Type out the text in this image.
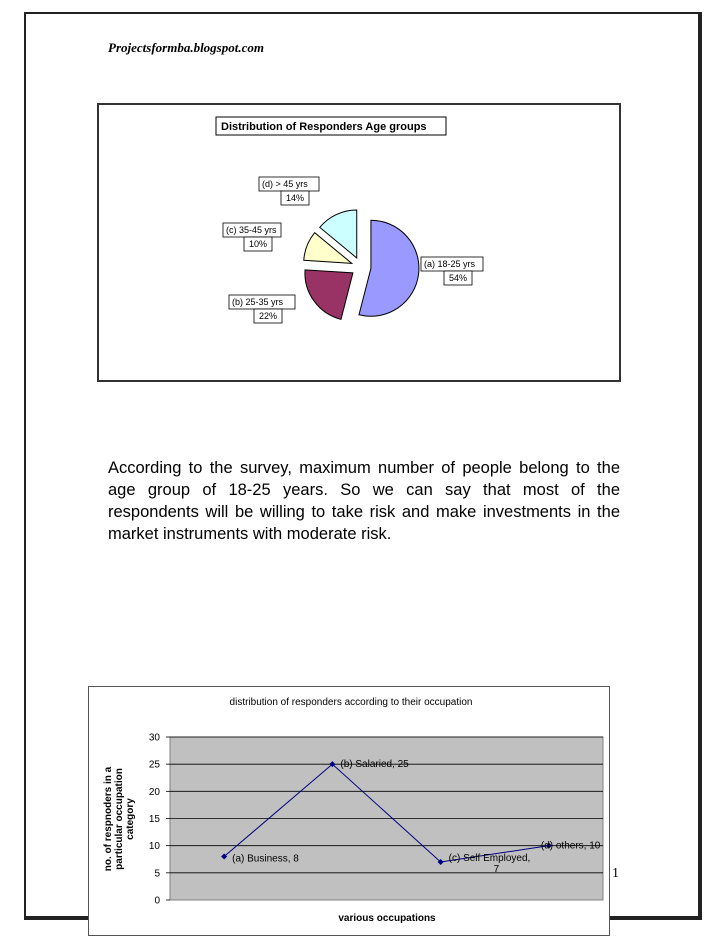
Projectsformba.blogspot.com
Distribution of Responders Age groups
(a) 18-25 yrs
54%
(b) 25-35 yrs
22%
(c) 35-45 yrs
10%
(d) > 45 yrs
14%
According to the survey, maximum number of people belong to the age group of 18-25 years. So we can say that most of the respondents will be willing to take risk and make investments in the market instruments with moderate risk.
distribution of responders according to their occupation
0
5
10
15
20
25
30
(a) Business, 8
(b) Salaried, 25
(c) Self Employed,
7
(d) others, 10
no. of respnoders in a particular occupation category
various occupations
1
